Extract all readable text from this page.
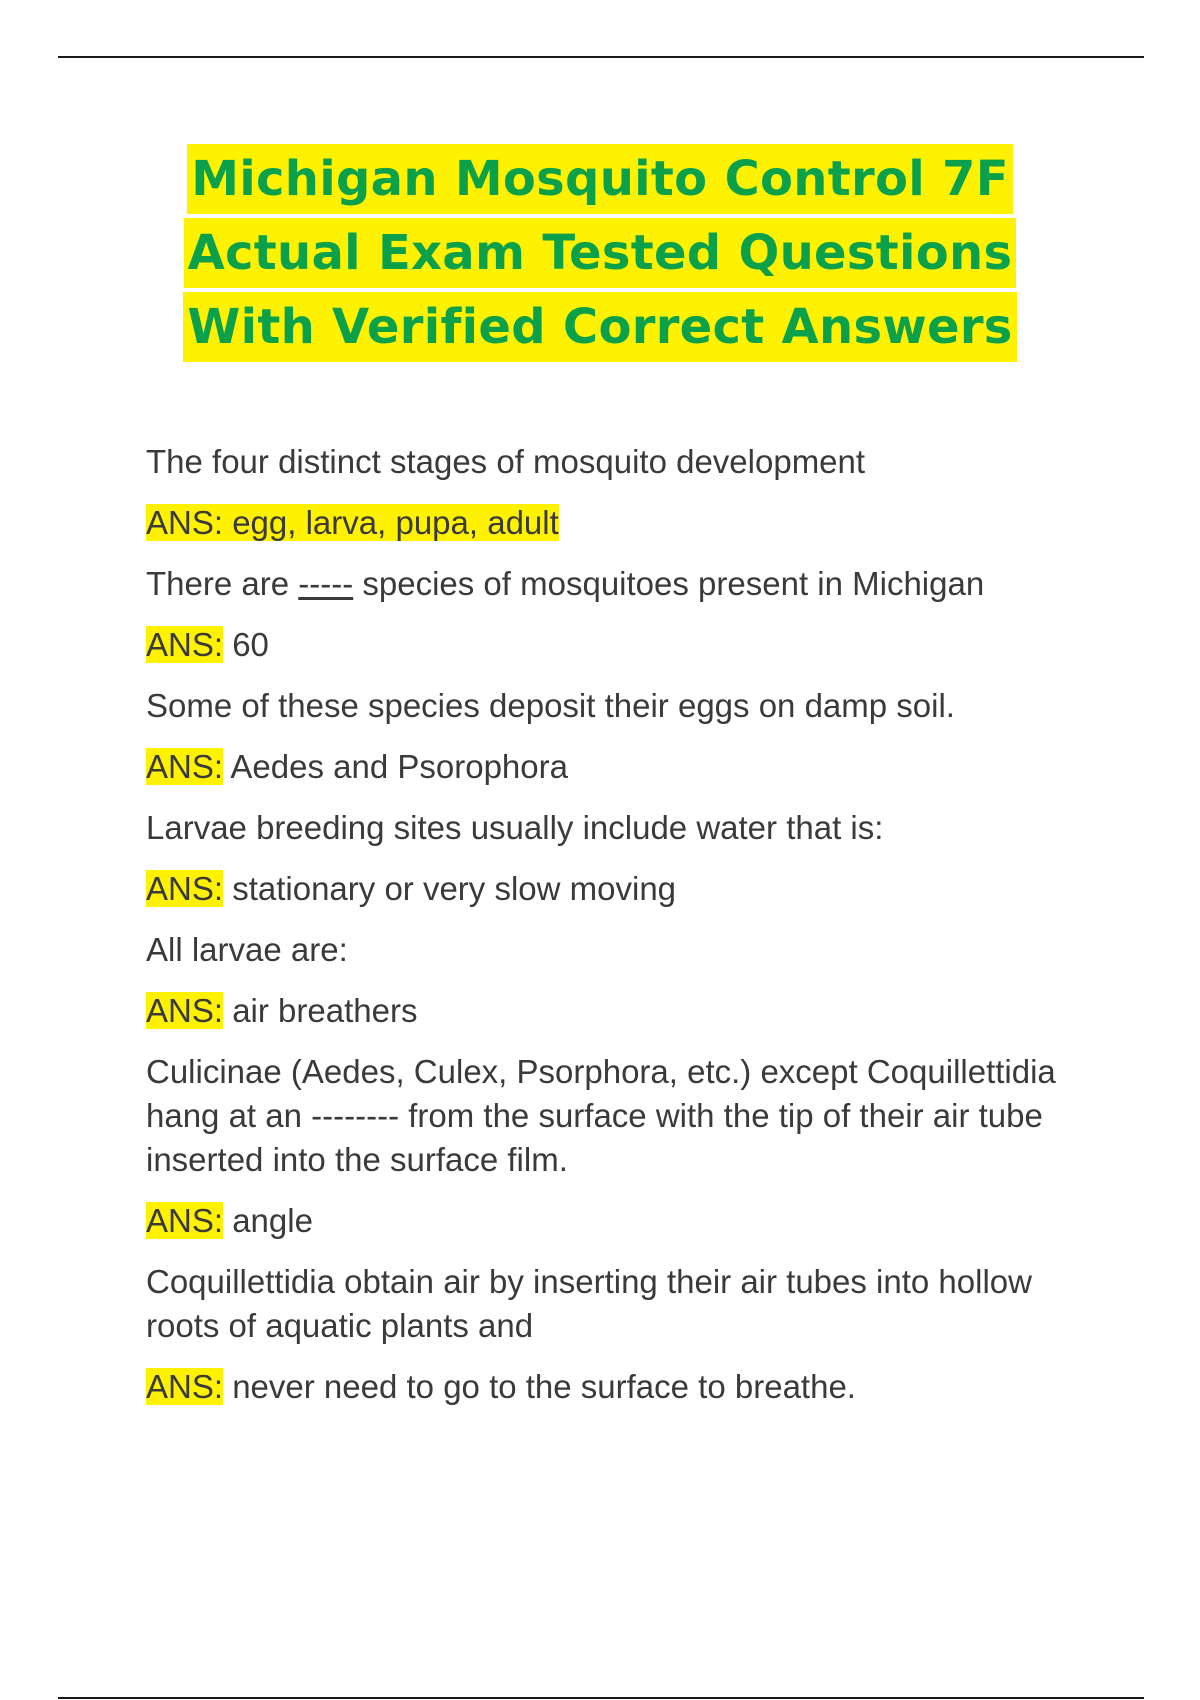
Michigan Mosquito Control 7F
Actual Exam Tested Questions
With Verified Correct Answers
The four distinct stages of mosquito development
ANS: egg, larva, pupa, adult
There are ----- species of mosquitoes present in Michigan
ANS: 60
Some of these species deposit their eggs on damp soil.
ANS: Aedes and Psorophora
Larvae breeding sites usually include water that is:
ANS: stationary or very slow moving
All larvae are:
ANS: air breathers
Culicinae (Aedes, Culex, Psorphora, etc.) except Coquillettidia hang at an -------- from the surface with the tip of their air tube inserted into the surface film.
ANS: angle
Coquillettidia obtain air by inserting their air tubes into hollow roots of aquatic plants and
ANS: never need to go to the surface to breathe.
